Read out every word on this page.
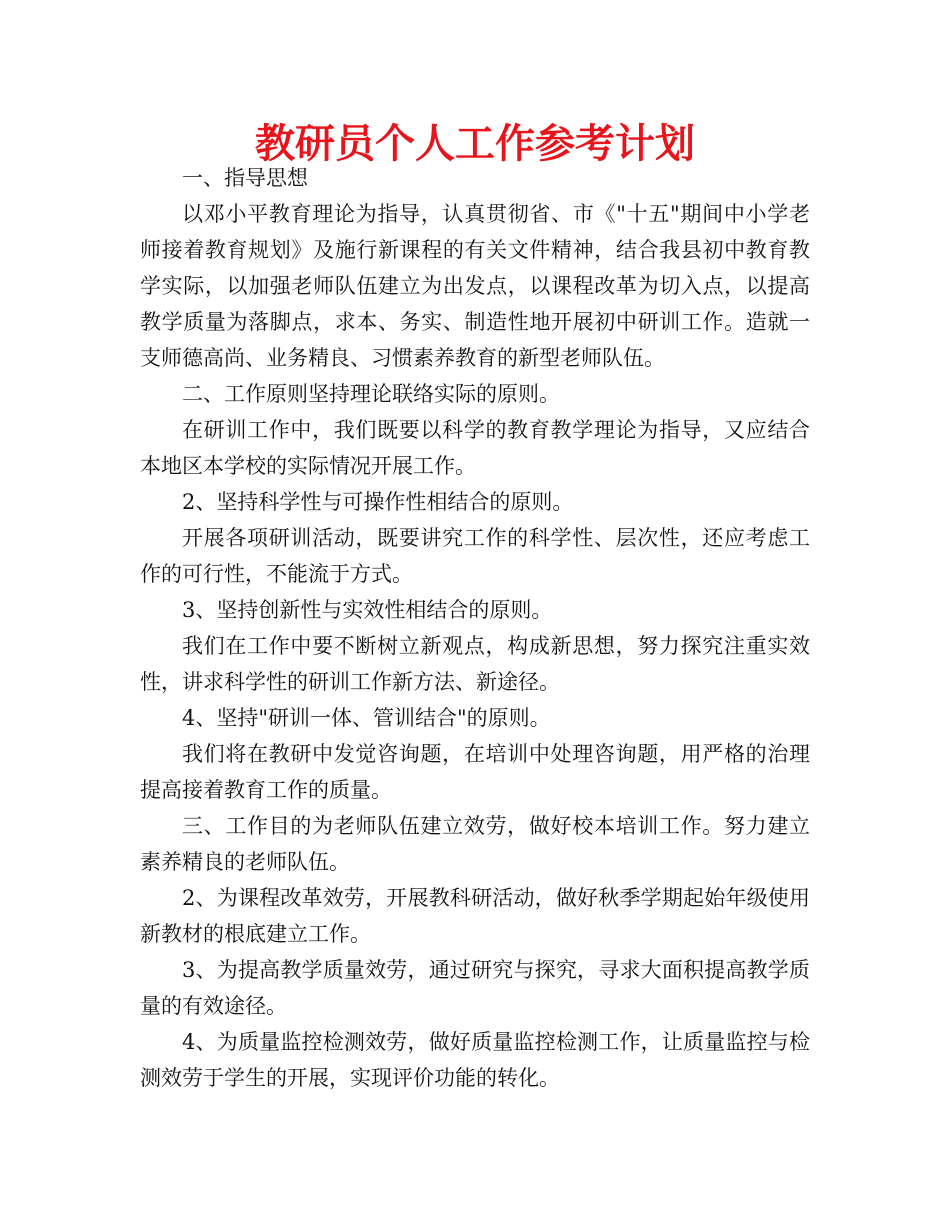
教研员个人工作参考计划

一、指导思想

以邓小平教育理论为指导，认真贯彻省、市《"十五"期间中小学老师接着教育规划》及施行新课程的有关文件精神，结合我县初中教育教学实际，以加强老师队伍建立为出发点，以课程改革为切入点，以提高教学质量为落脚点，求本、务实、制造性地开展初中研训工作。造就一支师德高尚、业务精良、习惯素养教育的新型老师队伍。

二、工作原则坚持理论联络实际的原则。

在研训工作中，我们既要以科学的教育教学理论为指导，又应结合本地区本学校的实际情况开展工作。

2、坚持科学性与可操作性相结合的原则。

开展各项研训活动，既要讲究工作的科学性、层次性，还应考虑工作的可行性，不能流于方式。

3、坚持创新性与实效性相结合的原则。

我们在工作中要不断树立新观点，构成新思想，努力探究注重实效性，讲求科学性的研训工作新方法、新途径。

4、坚持"研训一体、管训结合"的原则。

我们将在教研中发觉咨询题，在培训中处理咨询题，用严格的治理提高接着教育工作的质量。

三、工作目的为老师队伍建立效劳，做好校本培训工作。努力建立素养精良的老师队伍。

2、为课程改革效劳，开展教科研活动，做好秋季学期起始年级使用新教材的根底建立工作。

3、为提高教学质量效劳，通过研究与探究，寻求大面积提高教学质量的有效途径。

4、为质量监控检测效劳，做好质量监控检测工作，让质量监控与检测效劳于学生的开展，实现评价功能的转化。
